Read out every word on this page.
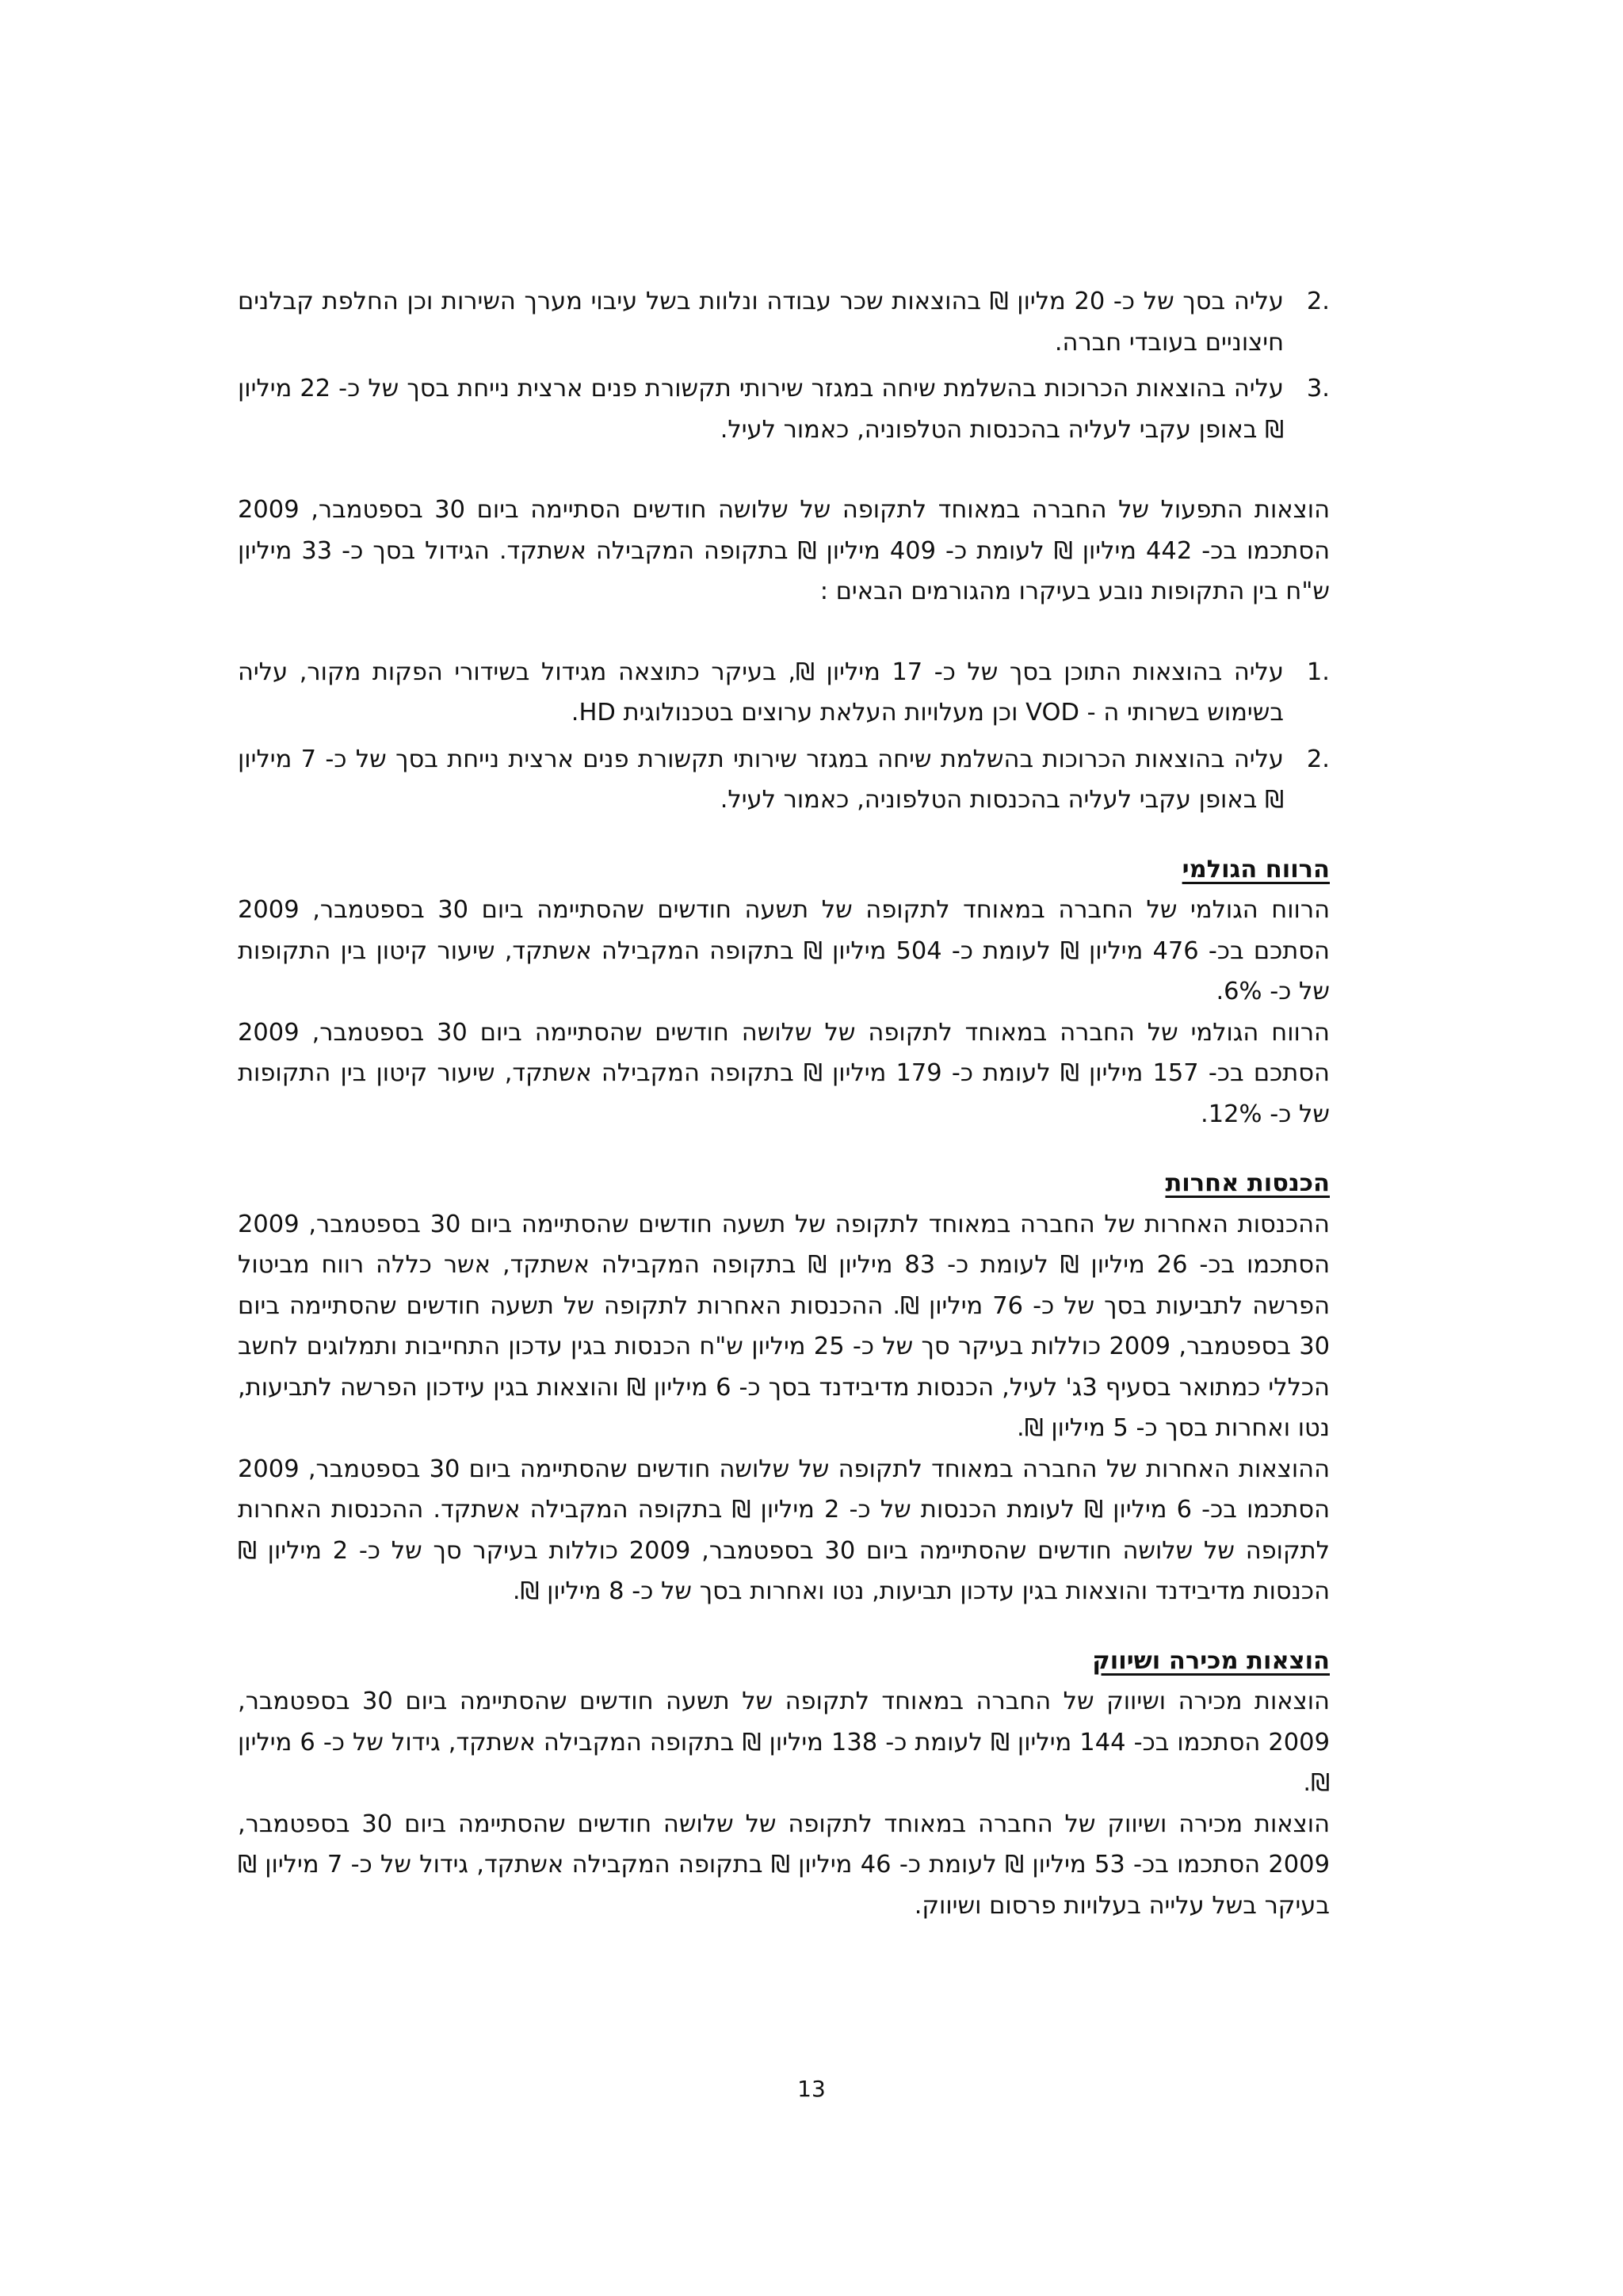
2.
עליה בסך של כ- 20 מליון ₪ בהוצאות שכר עבודה ונלוות בשל עיבוי מערך השירות וכן החלפת קבלנים חיצוניים בעובדי חברה.
3.
עליה בהוצאות הכרוכות בהשלמת שיחה במגזר שירותי תקשורת פנים ארצית נייחת בסך של כ- 22 מיליון ₪ באופן עקבי לעליה בהכנסות הטלפוניה, כאמור לעיל.

הוצאות התפעול של החברה במאוחד לתקופה של שלושה חודשים הסתיימה ביום 30 בספטמבר, 2009 הסתכמו בכ- 442 מיליון ₪ לעומת כ- 409 מיליון ₪ בתקופה המקבילה אשתקד. הגידול בסך כ- 33 מיליון ש"ח בין התקופות נובע בעיקרו מהגורמים הבאים :

1.
עליה בהוצאות התוכן בסך של כ- 17 מיליון ₪, בעיקר כתוצאה מגידול בשידורי הפקות מקור, עליה בשימוש בשרותי ה - VOD וכן מעלויות העלאת ערוצים בטכנולוגית HD.
2.
עליה בהוצאות הכרוכות בהשלמת שיחה במגזר שירותי תקשורת פנים ארצית נייחת בסך של כ- 7 מיליון ₪ באופן עקבי לעליה בהכנסות הטלפוניה, כאמור לעיל.

הרווח הגולמי

הרווח הגולמי של החברה במאוחד לתקופה של תשעה חודשים שהסתיימה ביום 30 בספטמבר, 2009 הסתכם בכ- 476 מיליון ₪ לעומת כ- 504 מיליון ₪ בתקופה המקבילה אשתקד, שיעור קיטון בין התקופות של כ- 6%.

הרווח הגולמי של החברה במאוחד לתקופה של שלושה חודשים שהסתיימה ביום 30 בספטמבר, 2009 הסתכם בכ- 157 מיליון ₪ לעומת כ- 179 מיליון ₪ בתקופה המקבילה אשתקד, שיעור קיטון בין התקופות של כ- 12%.

הכנסות אחרות

ההכנסות האחרות של החברה במאוחד לתקופה של תשעה חודשים שהסתיימה ביום 30 בספטמבר, 2009 הסתכמו בכ- 26 מיליון ₪ לעומת כ- 83 מיליון ₪ בתקופה המקבילה אשתקד, אשר כללה רווח מביטול הפרשה לתביעות בסך של כ- 76 מיליון ₪. ההכנסות האחרות לתקופה של תשעה חודשים שהסתיימה ביום 30 בספטמבר, 2009 כוללות בעיקר סך של כ- 25 מיליון ש"ח הכנסות בגין עדכון התחייבות ותמלוגים לחשב הכללי כמתואר בסעיף 3ג' לעיל, הכנסות מדיבידנד בסך כ- 6 מיליון ₪ והוצאות בגין עידכון הפרשה לתביעות, נטו ואחרות בסך כ- 5 מיליון ₪.

ההוצאות האחרות של החברה במאוחד לתקופה של שלושה חודשים שהסתיימה ביום 30 בספטמבר, 2009 הסתכמו בכ- 6 מיליון ₪ לעומת הכנסות של כ- 2 מיליון ₪ בתקופה המקבילה אשתקד. ההכנסות האחרות לתקופה של שלושה חודשים שהסתיימה ביום 30 בספטמבר, 2009 כוללות בעיקר סך של כ- 2 מיליון ₪ הכנסות מדיבידנד והוצאות בגין עדכון תביעות, נטו ואחרות בסך של כ- 8 מיליון ₪.

הוצאות מכירה ושיווק

הוצאות מכירה ושיווק של החברה במאוחד לתקופה של תשעה חודשים שהסתיימה ביום 30 בספטמבר, 2009 הסתכמו בכ- 144 מיליון ₪ לעומת כ- 138 מיליון ₪ בתקופה המקבילה אשתקד, גידול של כ- 6 מיליון ₪.

הוצאות מכירה ושיווק של החברה במאוחד לתקופה של שלושה חודשים שהסתיימה ביום 30 בספטמבר, 2009 הסתכמו בכ- 53 מיליון ₪ לעומת כ- 46 מיליון ₪ בתקופה המקבילה אשתקד, גידול של כ- 7 מיליון ₪ בעיקר בשל עלייה בעלויות פרסום ושיווק.

13
